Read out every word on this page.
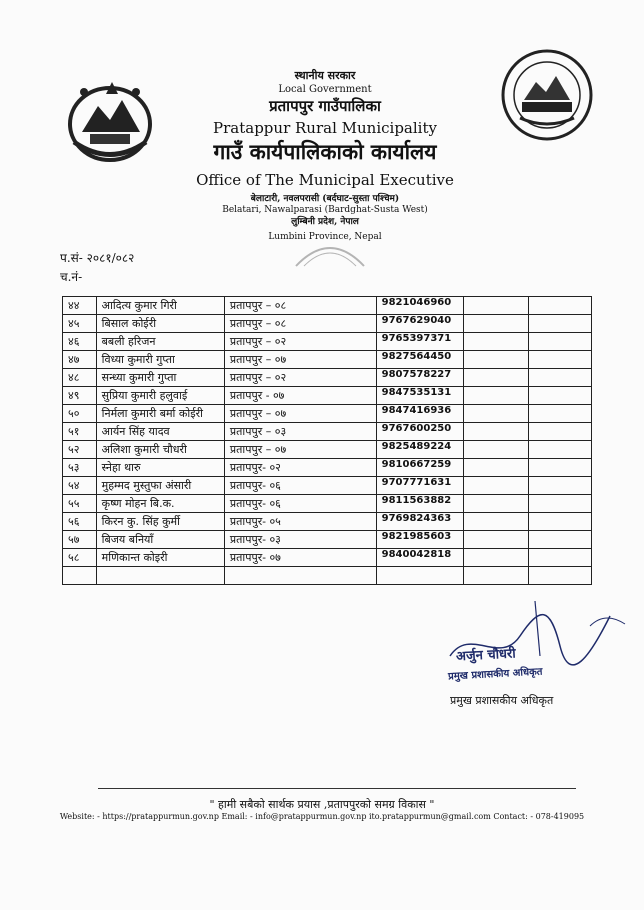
स्थानीय सरकार
Local Government
प्रतापपुर गाउँपालिका
Pratappur Rural Municipality
गाउँ कार्यपालिकाको कार्यालय
Office of The Municipal Executive
बेलाटारी, नवलपरासी (बर्दघाट-सुस्ता पश्चिम)
Belatari, Nawalparasi (Bardghat-Susta West)
लुम्बिनी प्रदेश, नेपाल
Lumbini Province, Nepal
प.सं- २०८१/०८२
च.नं-
४४	आदित्य कुमार गिरी	प्रतापपुर – ०८	9821046960		
४५	बिसाल कोईरी	प्रतापपुर – ०८	9767629040		
४६	बबली हरिजन	प्रतापपुर – ०२	9765397371		
४७	विध्या कुमारी गुप्ता	प्रतापपुर – ०७	9827564450		
४८	सन्ध्या कुमारी गुप्ता	प्रतापपुर – ०२	9807578227		
४९	सुप्रिया कुमारी हलुवाई	प्रतापपुर - ०७	9847535131		
५०	निर्मला कुमारी बर्मा कोईरी	प्रतापपुर – ०७	9847416936		
५१	आर्यन सिंह यादव	प्रतापपुर – ०३	9767600250		
५२	अलिशा कुमारी चौधरी	प्रतापपुर – ०७	9825489224		
५३	स्नेहा थारु	प्रतापपुर- ०२	9810667259		
५४	मुहम्मद मुस्तुफा अंसारी	प्रतापपुर- ०६	9707771631		
५५	कृष्ण मोहन बि.क.	प्रतापपुर- ०६	9811563882		
५६	किरन कु. सिंह कुर्मी	प्रतापपुर- ०५	9769824363		
५७	बिजय बनियाँ	प्रतापपुर- ०३	9821985603		
५८	मणिकान्त कोइरी	प्रतापपुर- ०७	9840042818		

अर्जुन चौधरी
प्रमुख प्रशासकीय अधिकृत
प्रमुख प्रशासकीय अधिकृत
" हामी सबैको सार्थक प्रयास ,प्रतापपुरको समग्र विकास "
Website: - https://pratappurmun.gov.np Email: - info@pratappurmun.gov.np ito.pratappurmun@gmail.com Contact: - 078-419095
